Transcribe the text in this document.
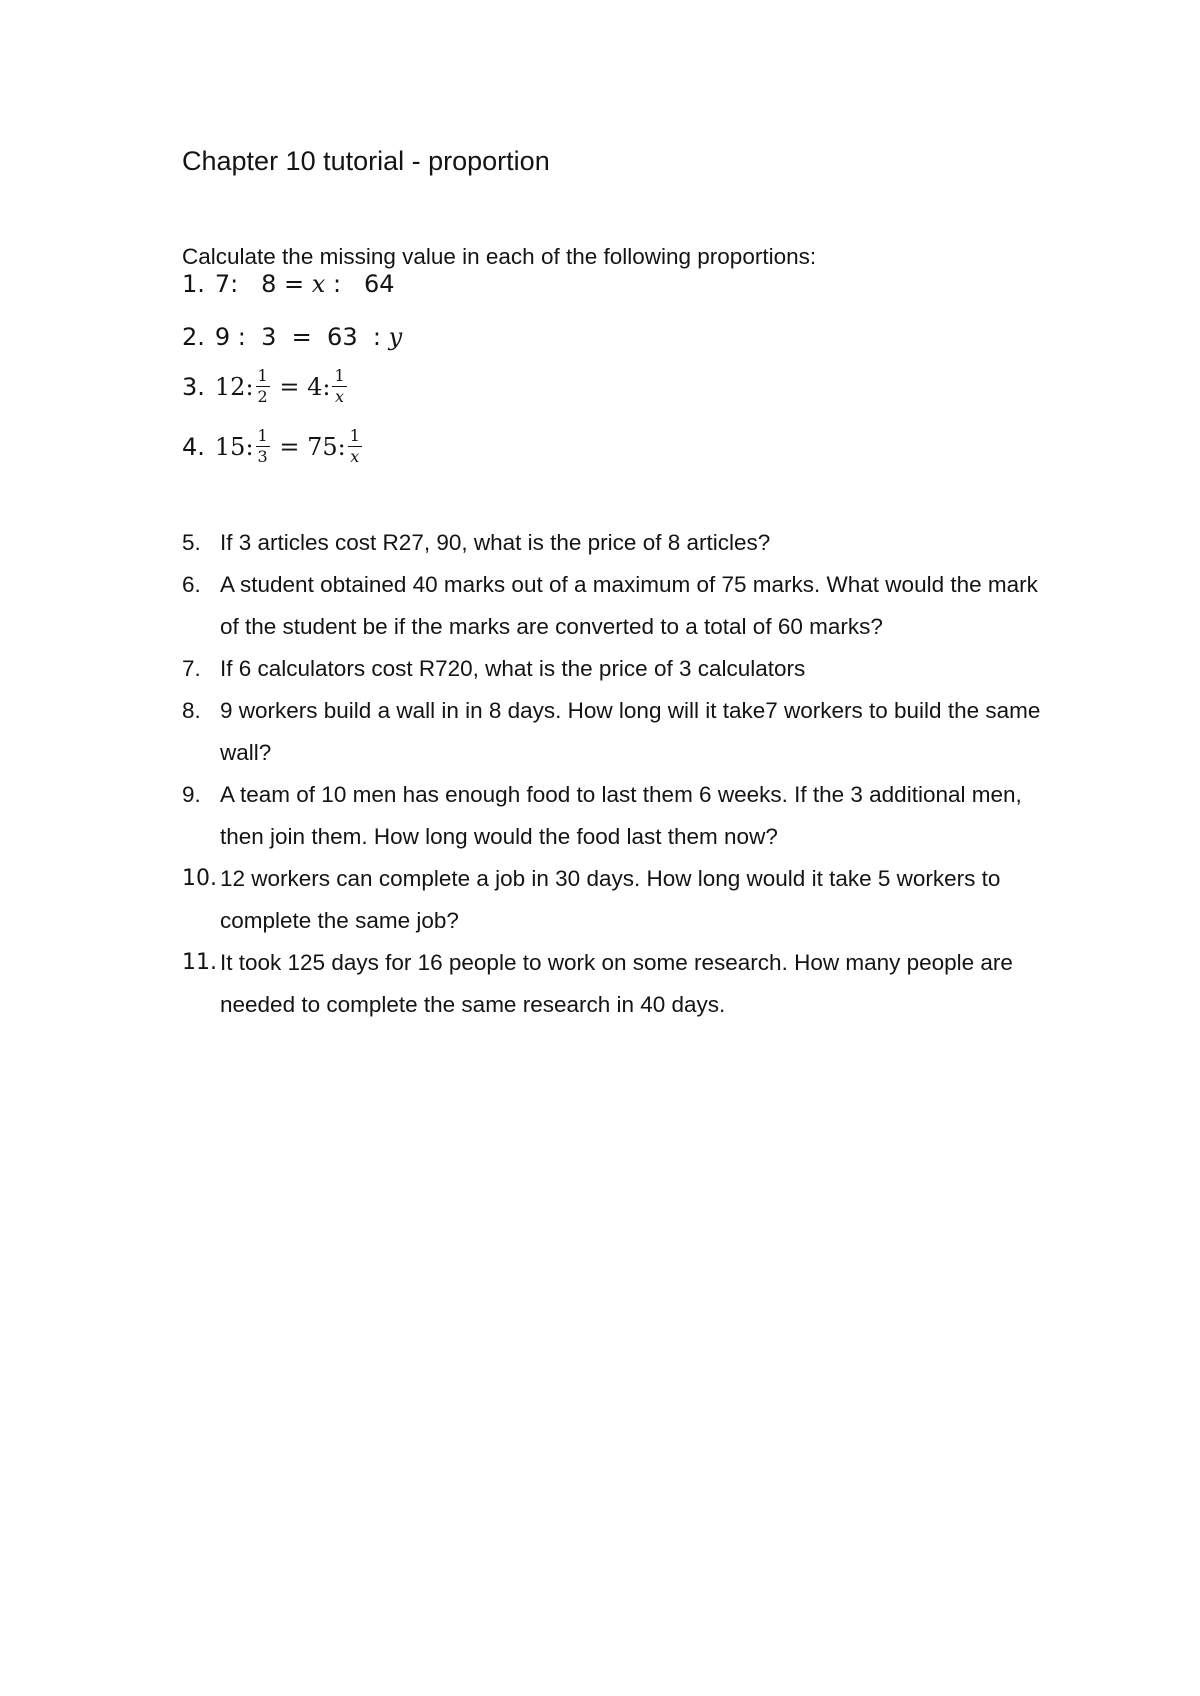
Chapter 10 tutorial - proportion
Calculate the missing value in each of the following proportions:
1. 7:   8 = x :   64
2. 9 :  3  =  63  : y
3. 12: $\frac{1}{2} = 4$: $\frac{1}{x}$
4. 15: $\frac{1}{3} = 75$: $\frac{1}{x}$
5. If 3 articles cost R27, 90, what is the price of 8 articles?
6. A student obtained 40 marks out of a maximum of 75 marks. What would the mark of the student be if the marks are converted to a total of 60 marks?
7. If 6 calculators cost R720, what is the price of 3 calculators
8. 9 workers build a wall in in 8 days. How long will it take7 workers to build the same wall?
9. A team of 10 men has enough food to last them 6 weeks. If the 3 additional men, then join them. How long would the food last them now?
10. 12 workers can complete a job in 30 days. How long would it take 5 workers to complete the same job?
11. It took 125 days for 16 people to work on some research. How many people are needed to complete the same research in 40 days.
